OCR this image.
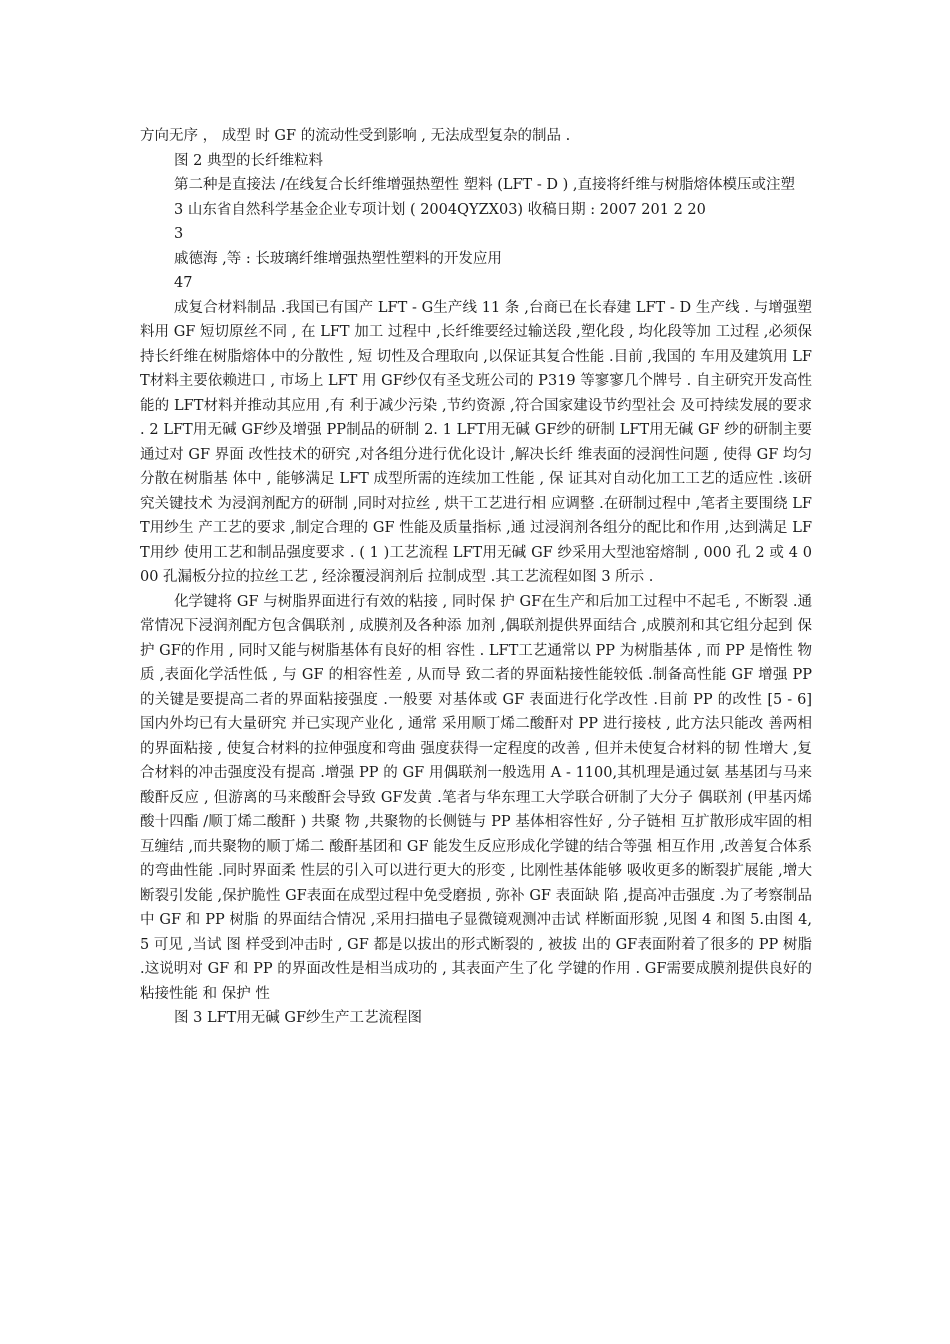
方向无序 ， 成型 时 GF 的流动性受到影响 , 无法成型复杂的制品 .

图 2 典型的长纤维粒料

第二种是直接法 /在线复合长纤维增强热塑性 塑料 (LFT - D ) ,直接将纤维与树脂熔体模压或注塑

3 山东省自然科学基金企业专项计划 ( 2004QYZX03) 收稿日期 : 2007 201 2 20

3

戚德海 ,等 : 长玻璃纤维增强热塑性塑料的开发应用

47

成复合材料制品 .我国已有国产 LFT - G生产线 11 条 ,台商已在长春建 LFT - D 生产线 . 与增强塑料用 GF 短切原丝不同 , 在 LFT 加工 过程中 ,长纤维要经过输送段 ,塑化段 , 均化段等加 工过程 ,必须保持长纤维在树脂熔体中的分散性 , 短 切性及合理取向 ,以保证其复合性能 .目前 ,我国的 车用及建筑用 LFT材料主要依赖进口 , 市场上 LFT 用 GF纱仅有圣戈班公司的 P319 等寥寥几个牌号 . 自主研究开发高性能的 LFT材料并推动其应用 ,有 利于减少污染 ,节约资源 ,符合国家建设节约型社会 及可持续发展的要求 . 2 LFT用无碱 GF纱及增强 PP制品的研制 2. 1 LFT用无碱 GF纱的研制 LFT用无碱 GF 纱的研制主要通过对 GF 界面 改性技术的研究 ,对各组分进行优化设计 ,解决长纤 维表面的浸润性问题 , 使得 GF 均匀分散在树脂基 体中 , 能够满足 LFT 成型所需的连续加工性能 , 保 证其对自动化加工工艺的适应性 .该研究关键技术 为浸润剂配方的研制 ,同时对拉丝 , 烘干工艺进行相 应调整 .在研制过程中 ,笔者主要围绕 LFT用纱生 产工艺的要求 ,制定合理的 GF 性能及质量指标 ,通 过浸润剂各组分的配比和作用 ,达到满足 LFT用纱 使用工艺和制品强度要求 . ( 1 )工艺流程 LFT用无碱 GF 纱采用大型池窑熔制 , 000 孔 2 或 4 000 孔漏板分拉的拉丝工艺 , 经涂覆浸润剂后 拉制成型 .其工艺流程如图 3 所示 .

化学键将 GF 与树脂界面进行有效的粘接 , 同时保 护 GF在生产和后加工过程中不起毛 , 不断裂 .通 常情况下浸润剂配方包含偶联剂 , 成膜剂及各种添 加剂 ,偶联剂提供界面结合 ,成膜剂和其它组分起到 保护 GF的作用 , 同时又能与树脂基体有良好的相 容性 . LFT工艺通常以 PP 为树脂基体 , 而 PP 是惰性 物质 ,表面化学活性低 , 与 GF 的相容性差 , 从而导 致二者的界面粘接性能较低 .制备高性能 GF 增强 PP的关键是要提高二者的界面粘接强度 .一般要 对基体或 GF 表面进行化学改性 .目前 PP 的改性 [5 - 6] 国内外均已有大量研究 并已实现产业化 , 通常 采用顺丁烯二酸酐对 PP 进行接枝 , 此方法只能改 善两相的界面粘接 , 使复合材料的拉伸强度和弯曲 强度获得一定程度的改善 , 但并未使复合材料的韧 性增大 ,复合材料的冲击强度没有提高 .增强 PP 的 GF 用偶联剂一般选用 A - 1100,其机理是通过氨 基基团与马来酸酐反应 , 但游离的马来酸酐会导致 GF发黄 .笔者与华东理工大学联合研制了大分子 偶联剂 (甲基丙烯酸十四酯 /顺丁烯二酸酐 ) 共聚 物 ,共聚物的长侧链与 PP 基体相容性好 , 分子链相 互扩散形成牢固的相互缠结 ,而共聚物的顺丁烯二 酸酐基团和 GF 能发生反应形成化学键的结合等强 相互作用 ,改善复合体系的弯曲性能 .同时界面柔 性层的引入可以进行更大的形变 , 比刚性基体能够 吸收更多的断裂扩展能 ,增大断裂引发能 ,保护脆性 GF表面在成型过程中免受磨损 , 弥补 GF 表面缺 陷 ,提高冲击强度 .为了考察制品中 GF 和 PP 树脂 的界面结合情况 ,采用扫描电子显微镜观测冲击试 样断面形貌 ,见图 4 和图 5.由图 4, 5 可见 ,当试 图 样受到冲击时 , GF 都是以拔出的形式断裂的 , 被拔 出的 GF表面附着了很多的 PP 树脂 .这说明对 GF 和 PP 的界面改性是相当成功的 , 其表面产生了化 学键的作用 . GF需要成膜剂提供良好的粘接性能 和 保护 性

图 3 LFT用无碱 GF纱生产工艺流程图
